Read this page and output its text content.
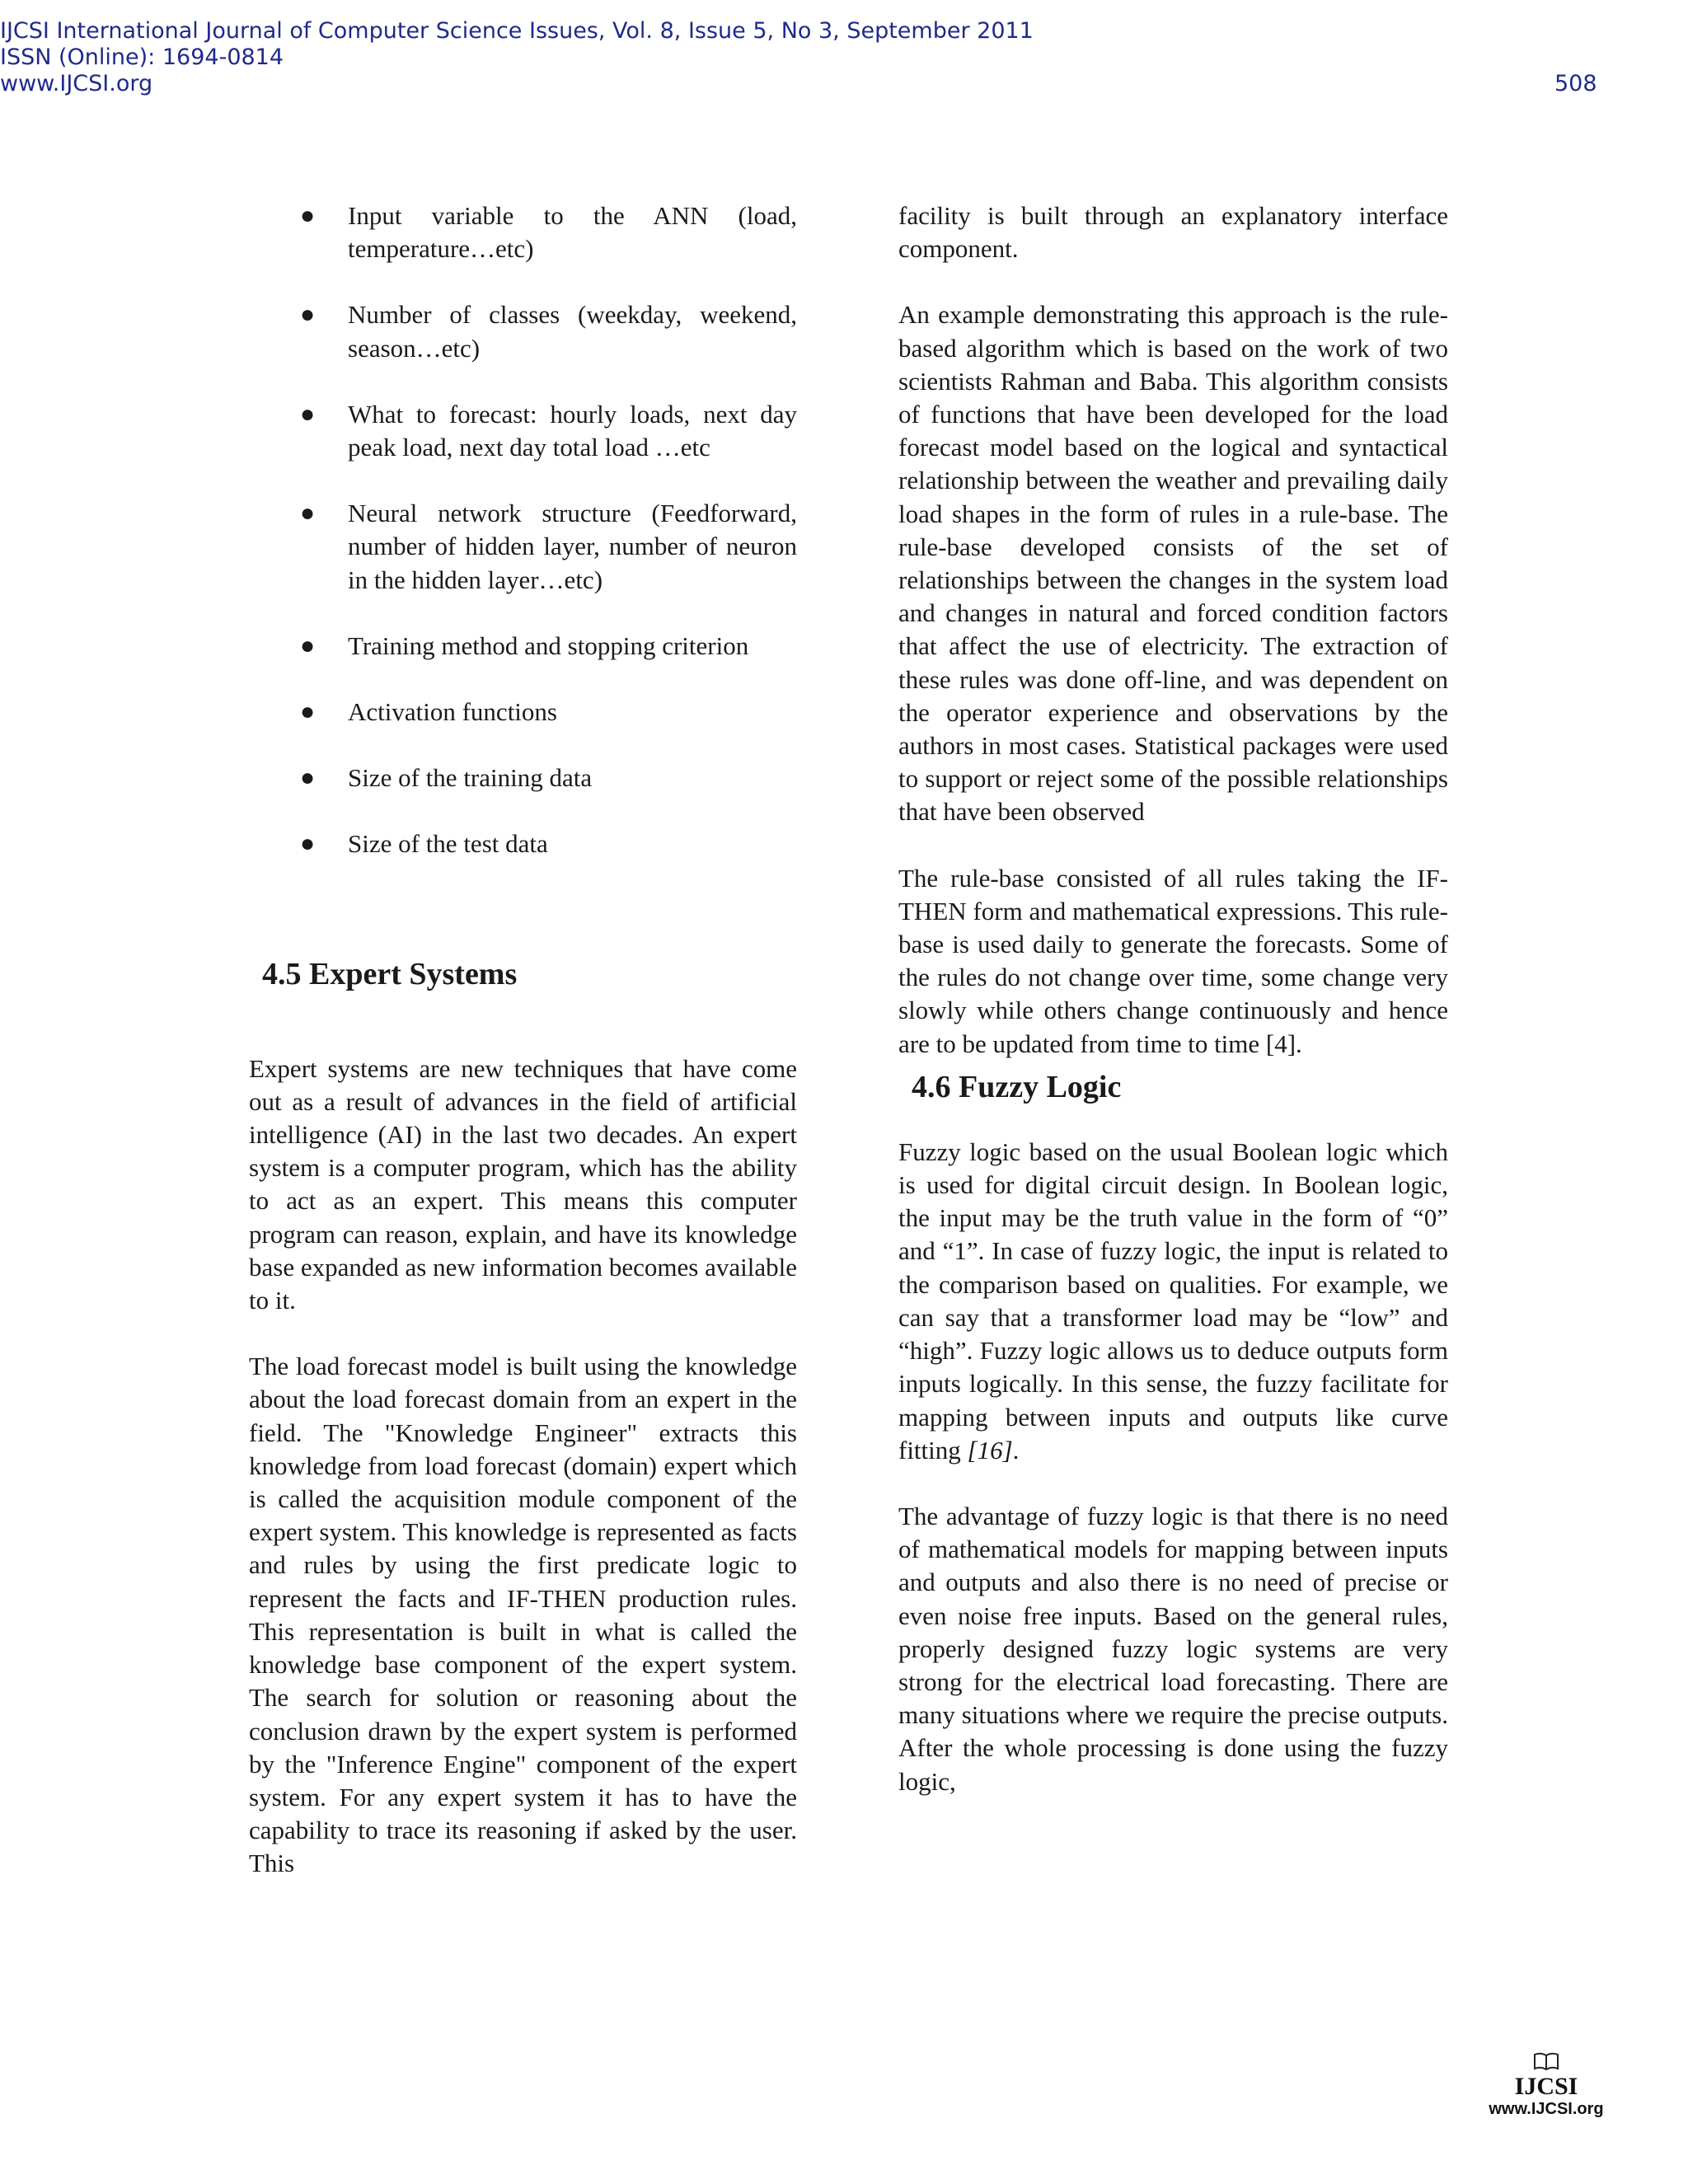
IJCSI International Journal of Computer Science Issues, Vol. 8, Issue 5, No 3, September 2011
ISSN (Online): 1694-0814
www.IJCSI.org	508
● Input variable to the ANN (load, temperature…etc)
● Number of classes (weekday, weekend, season…etc)
● What to forecast: hourly loads, next day peak load, next day total load …etc
● Neural network structure (Feedforward, number of hidden layer, number of neuron in the hidden layer…etc)
● Training method and stopping criterion
● Activation functions
● Size of the training data
● Size of the test data
4.5 Expert Systems

Expert systems are new techniques that have come out as a result of advances in the field of artificial intelligence (AI) in the last two decades. An expert system is a computer program, which has the ability to act as an expert. This means this computer program can reason, explain, and have its knowledge base expanded as new information becomes available to it.

The load forecast model is built using the knowledge about the load forecast domain from an expert in the field. The "Knowledge Engineer" extracts this knowledge from load forecast (domain) expert which is called the acquisition module component of the expert system. This knowledge is represented as facts and rules by using the first predicate logic to represent the facts and IF-THEN production rules. This representation is built in what is called the knowledge base component of the expert system. The search for solution or reasoning about the conclusion drawn by the expert system is performed by the "Inference Engine" component of the expert system. For any expert system it has to have the capability to trace its reasoning if asked by the user. This

facility is built through an explanatory interface component.

An example demonstrating this approach is the rule-based algorithm which is based on the work of two scientists Rahman and Baba. This algorithm consists of functions that have been developed for the load forecast model based on the logical and syntactical relationship between the weather and prevailing daily load shapes in the form of rules in a rule-base. The rule-base developed consists of the set of relationships between the changes in the system load and changes in natural and forced condition factors that affect the use of electricity. The extraction of these rules was done off-line, and was dependent on the operator experience and observations by the authors in most cases. Statistical packages were used to support or reject some of the possible relationships that have been observed

The rule-base consisted of all rules taking the IF-THEN form and mathematical expressions. This rule-base is used daily to generate the forecasts. Some of the rules do not change over time, some change very slowly while others change continuously and hence are to be updated from time to time [4].

4.6 Fuzzy Logic

Fuzzy logic based on the usual Boolean logic which is used for digital circuit design. In Boolean logic, the input may be the truth value in the form of “0” and “1”. In case of fuzzy logic, the input is related to the comparison based on qualities. For example, we can say that a transformer load may be “low” and “high”. Fuzzy logic allows us to deduce outputs form inputs logically. In this sense, the fuzzy facilitate for mapping between inputs and outputs like curve fitting [16].

The advantage of fuzzy logic is that there is no need of mathematical models for mapping between inputs and outputs and also there is no need of precise or even noise free inputs. Based on the general rules, properly designed fuzzy logic systems are very strong for the electrical load forecasting. There are many situations where we require the precise outputs. After the whole processing is done using the fuzzy logic,

IJCSI
www.IJCSI.org
